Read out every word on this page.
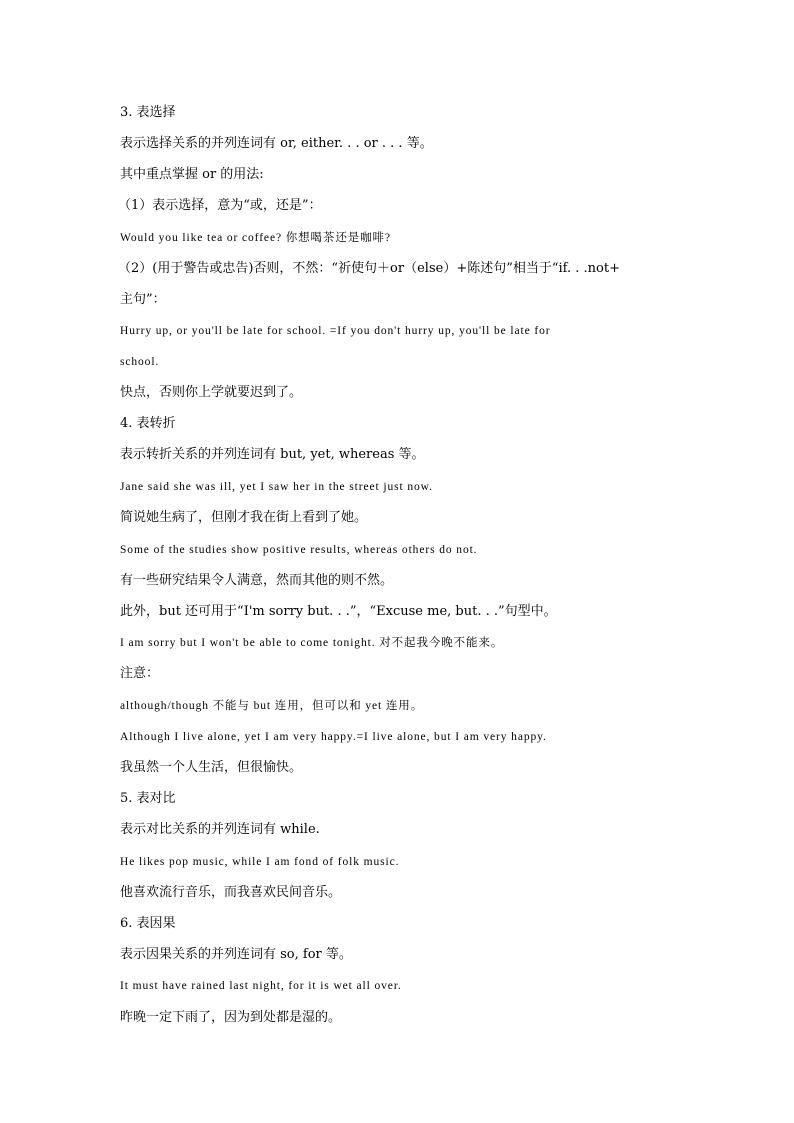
3. 表选择
表示选择关系的并列连词有 or, either. . . or . . . 等。
其中重点掌握 or 的用法:
（1）表示选择，意为“或，还是”：
Would you like tea or coffee? 你想喝茶还是咖啡?
（2）(用于警告或忠告)否则，不然：“祈使句＋or（else）+陈述句”相当于“if. . .not+
主句”：
Hurry up, or you'll be late for school. =If you don't hurry up, you'll be late for
school.
快点，否则你上学就要迟到了。
4. 表转折
表示转折关系的并列连词有 but, yet, whereas 等。
Jane said she was ill, yet I saw her in the street just now.
简说她生病了，但刚才我在街上看到了她。
Some of the studies show positive results, whereas others do not.
有一些研究结果令人满意，然而其他的则不然。
此外，but 还可用于“I'm sorry but. . .”，“Excuse me, but. . .”句型中。
I am sorry but I won't be able to come tonight. 对不起我今晚不能来。
注意：
although/though 不能与 but 连用，但可以和 yet 连用。
Although I live alone, yet I am very happy.=I live alone, but I am very happy.
我虽然一个人生活，但很愉快。
5. 表对比
表示对比关系的并列连词有 while.
He likes pop music, while I am fond of folk music.
他喜欢流行音乐，而我喜欢民间音乐。
6. 表因果
表示因果关系的并列连词有 so, for 等。
It must have rained last night, for it is wet all over.
昨晚一定下雨了，因为到处都是湿的。
